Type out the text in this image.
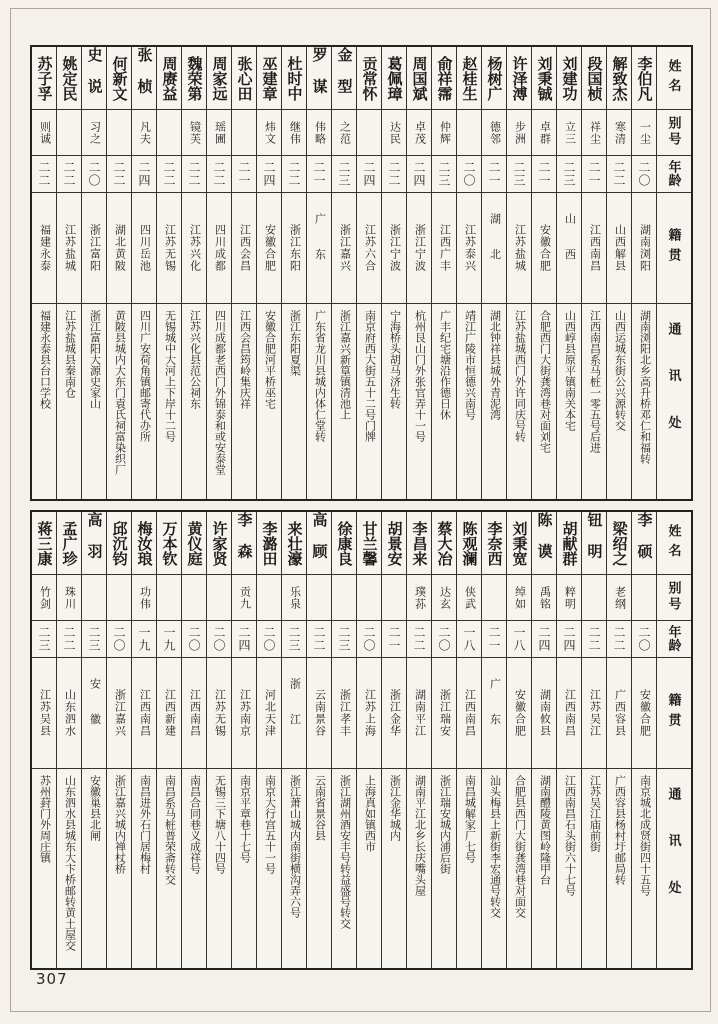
姓名
别号
年龄
籍贯
通讯处
李伯凡
一尘
二〇
湖南浏阳
湖南浏阳北乡高升桥邓仁和福转
解致杰
寒清
二二
山西解县
山西运城东街公兴源转交
段国桢
祥尘
二一
江西南昌
江西南昌系马桩一零五号后进
刘建功
立三
二三
山西
山西崞县原平镇南关本宅
刘秉铖
卓群
二一
安徽合肥
合肥西门大街龚湾巷对面刘宅
许泽溥
步洲
二三
江苏盐城
江苏盐城西门外许同庆号转
杨树广
德邻
二一
湖北
湖北钟祥县城外青泥湾
赵桂生
二〇
江苏泰兴
靖江广陵市恒德兴南号
俞祥霈
仲辉
二三
江西广丰
广丰纪宅塘沿作德日休
周国斌
卓茂
二四
浙江宁波
杭州艮山门外张官弄十一号
葛佩璋
达民
二二
浙江宁波
宁海桥头胡马济生转
贡常怀
二四
江苏六合
南京府西大街五十二号门牌
金型
之范
二三
浙江嘉兴
浙江嘉兴新篁镇清池上
罗谋
伟略
二一
广东
广东省龙川县城内体仁堂转
杜时中
继伟
二二
浙江东阳
浙江东阳夏渠
巫建章
炜文
二四
安徽合肥
安徽合肥河平桥巫宅
张心田
二一
江西会昌
江西会昌筠岭集庆祥
周家远
瑶圃
二二
四川成都
四川成都老西门外锦泰和或安泰堂
魏荣第
镜芙
二二
江苏兴化
江苏兴化县范公祠东
周赓益
二二
江苏无锡
无锡城中大河上下岸十二号
张桢
凡夫
二四
四川岳池
四川广安荷角镇邮寄代办所
何新文
二二
湖北黄陂
黄陂县城内大东门袁氏祠富染织厂
史说
习之
二〇
浙江富阳
浙江富阳大源史家山
姚定民
二二
江苏盐城
江苏盐城县秦南仓
苏子孚
则诚
二二
福建永泰
福建永泰县台口学校
姓名
别号
年龄
籍贯
通讯处
李硕
二〇
安徽合肥
南京城北成贤街四十五号
梁绍之
老纲
二二
广西容县
广西容县杨村圩邮局转
钮明
二二
江苏吴江
江苏吴江庙前街
胡献群
粹明
二四
江西南昌
江西南昌石头街六十七号
陈谟
禹铭
二四
湖南攸县
湖南醴陵黄图岭隆甲台
刘秉宽
绰如
一八
安徽合肥
合肥县西门大街龚湾巷对面交
李奈西
二一
广东
汕头梅县上新街李宏通号转交
陈观澜
侠武
一八
江西南昌
南昌城解家厂七号
蔡大冶
达玄
二〇
浙江瑞安
浙江瑞安城内浦后街
李昌来
璞荪
二二
湖南平江
湖南平江北乡长庆嘴头屋
胡景安
二一
浙江金华
浙江金华城内
甘兰馨
二〇
江苏上海
上海真如镇西市
徐康良
二三
浙江孝丰
浙江湖州酒安丰号转益盛号转交
高顾
二二
云南景谷
云南省景谷县
来壮濠
乐泉
二三
浙江
浙江萧山城内南街横沟弄六号
李潞田
二〇
河北天津
南京大行宫五十一号
李森
贡九
二四
江苏南京
南京平章巷十七号
许家贤
二〇
江苏无锡
无锡三下塘八十四号
黄仪庭
二〇
江西南昌
南昌合同巷义成祥号
万本钦
一九
江西新建
南昌系马桩普荣斋转交
梅汝琅
功伟
一九
江西南昌
南昌进外石门居梅村
邱沉钧
二〇
浙江嘉兴
浙江嘉兴城内禅杖桥
高羽
二三
安徽
安徽巢县北闸
孟广珍
珠川
二二
山东泗水
山东泗水县城东大卞桥邮转黄土屋交
蒋三康
竹剑
二三
江苏吴县
苏州葑门外周庄镇
307
